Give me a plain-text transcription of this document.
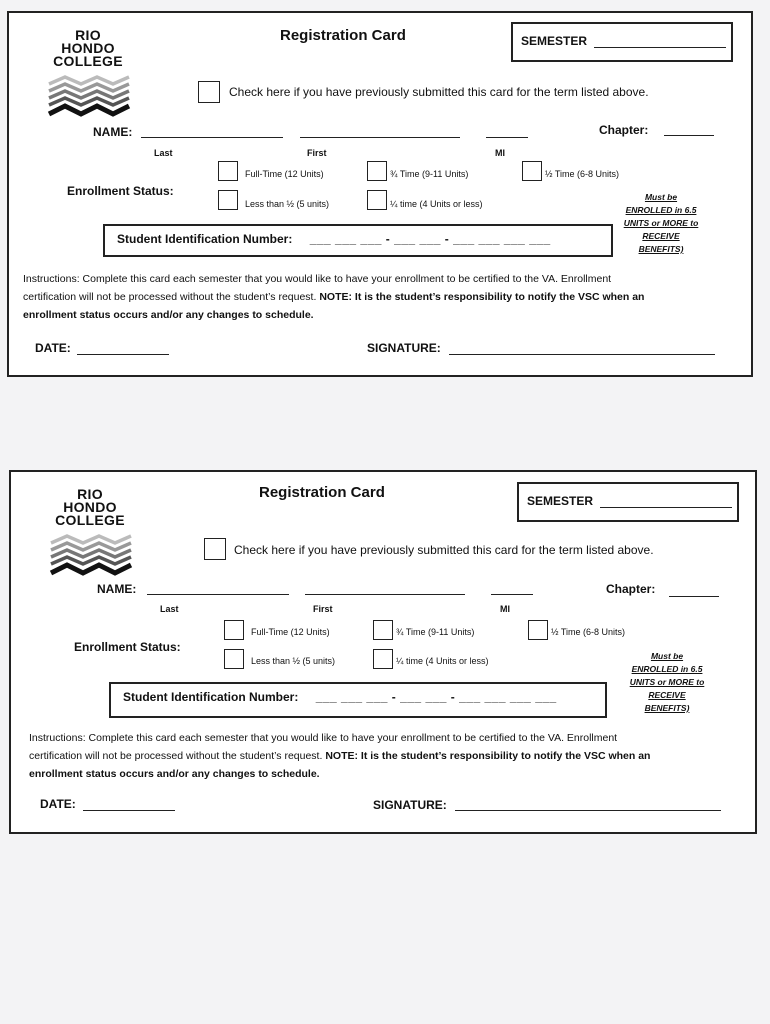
RIO
HONDO
COLLEGE
Registration Card	SEMESTER
Check here if you have previously submitted this card for the term listed above.
NAME:	Chapter:
Last	First	MI
Enrollment Status:
Full-Time (12 Units)	¾ Time (9-11 Units)	½ Time (6-8 Units)
Less than ½ (5 units)	¼ time (4 Units or less)
Must be
ENROLLED in 6.5
UNITS or MORE to
RECEIVE BENEFITS)
Student Identification Number: ___ ___ ___ - ___ ___ - ___ ___ ___ ___
Instructions: Complete this card each semester that you would like to have your enrollment to be certified to the VA. Enrollment
certification will not be processed without the student’s request. NOTE: It is the student’s responsibility to notify the VSC when an
enrollment status occurs and/or any changes to schedule.
DATE:	SIGNATURE:
RIO
HONDO
COLLEGE
Registration Card	SEMESTER
Check here if you have previously submitted this card for the term listed above.
NAME:	Chapter:
Last	First	MI
Enrollment Status:
Full-Time (12 Units)	¾ Time (9-11 Units)	½ Time (6-8 Units)
Less than ½ (5 units)	¼ time (4 Units or less)	Must be
ENROLLED in 6.5
UNITS or MORE to
RECEIVE BENEFITS)
Student Identification Number: ___ ___ ___ - ___ ___ - ___ ___ ___ ___
Instructions: Complete this card each semester that you would like to have your enrollment to be certified to the VA. Enrollment
certification will not be processed without the student’s request. NOTE: It is the student’s responsibility to notify the VSC when an
enrollment status occurs and/or any changes to schedule.
DATE:	SIGNATURE:
